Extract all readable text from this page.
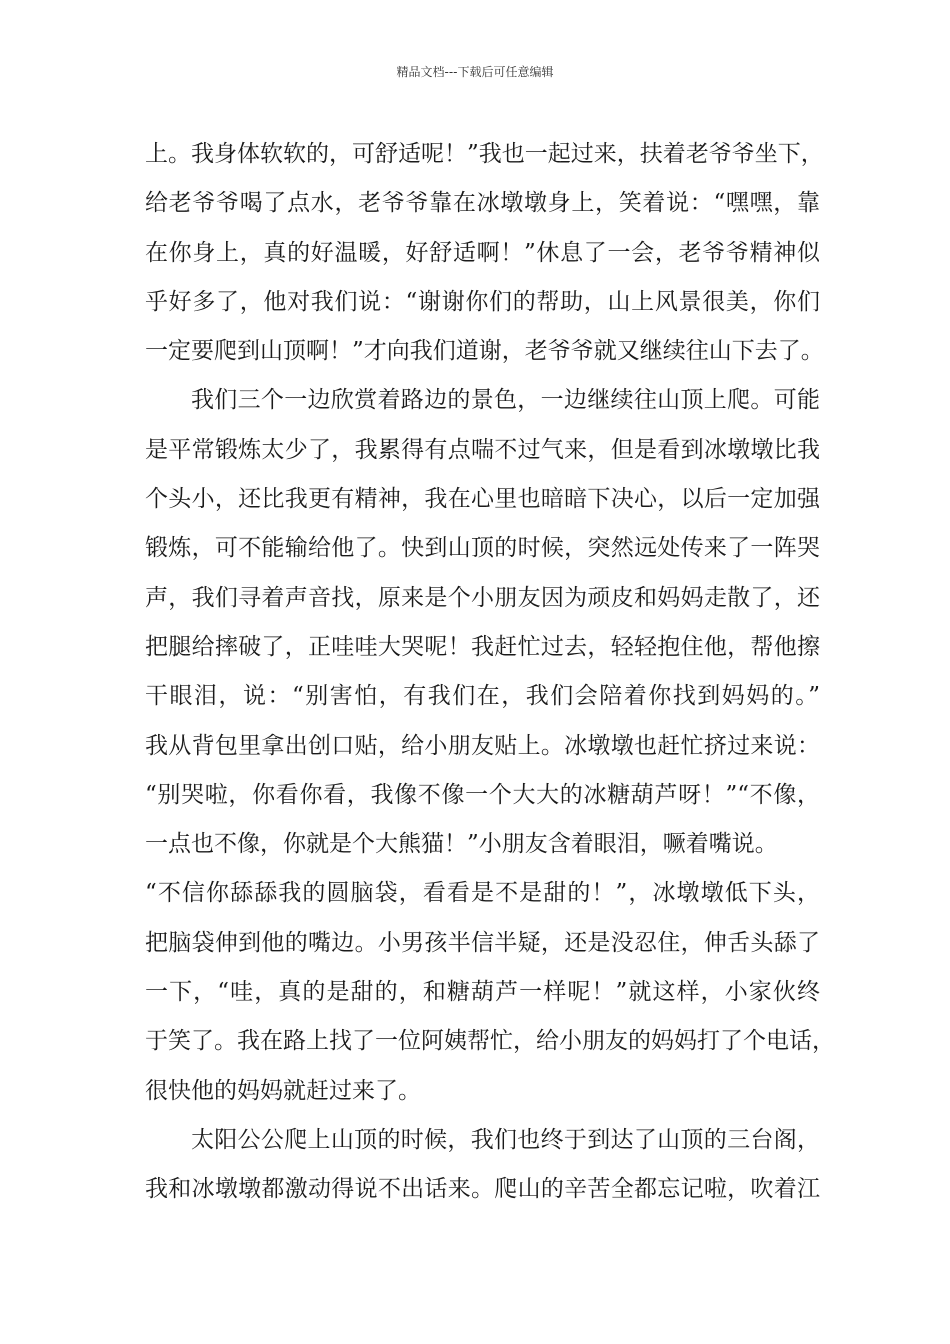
精品文档---下载后可任意编辑
上。我身体软软的，可舒适呢！”我也一起过来，扶着老爷爷坐下，
给老爷爷喝了点水，老爷爷靠在冰墩墩身上，笑着说：“嘿嘿，靠
在你身上，真的好温暖，好舒适啊！”休息了一会，老爷爷精神似
乎好多了，他对我们说：“谢谢你们的帮助，山上风景很美，你们
一定要爬到山顶啊！”才向我们道谢，老爷爷就又继续往山下去了。
我们三个一边欣赏着路边的景色，一边继续往山顶上爬。可能
是平常锻炼太少了，我累得有点喘不过气来，但是看到冰墩墩比我
个头小，还比我更有精神，我在心里也暗暗下决心，以后一定加强
锻炼，可不能输给他了。快到山顶的时候，突然远处传来了一阵哭
声，我们寻着声音找，原来是个小朋友因为顽皮和妈妈走散了，还
把腿给摔破了，正哇哇大哭呢！我赶忙过去，轻轻抱住他，帮他擦
干眼泪，说：“别害怕，有我们在，我们会陪着你找到妈妈的。”
我从背包里拿出创口贴，给小朋友贴上。冰墩墩也赶忙挤过来说：
“别哭啦，你看你看，我像不像一个大大的冰糖葫芦呀！”“不像，
一点也不像，你就是个大熊猫！”小朋友含着眼泪，噘着嘴说。
“不信你舔舔我的圆脑袋，看看是不是甜的！”，冰墩墩低下头，
把脑袋伸到他的嘴边。小男孩半信半疑，还是没忍住，伸舌头舔了
一下，“哇，真的是甜的，和糖葫芦一样呢！”就这样，小家伙终
于笑了。我在路上找了一位阿姨帮忙，给小朋友的妈妈打了个电话，
很快他的妈妈就赶过来了。
太阳公公爬上山顶的时候，我们也终于到达了山顶的三台阁，
我和冰墩墩都激动得说不出话来。爬山的辛苦全都忘记啦，吹着江
